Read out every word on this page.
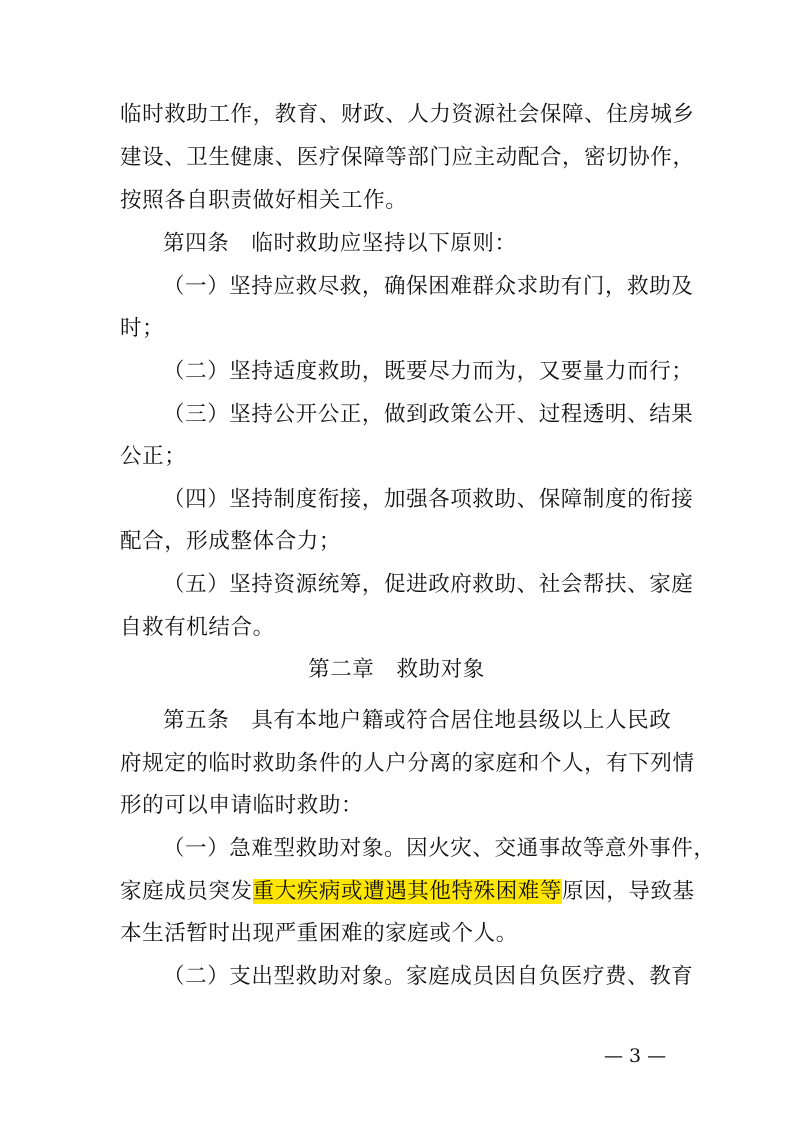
临时救助工作，教育、财政、人力资源社会保障、住房城乡
建设、卫生健康、医疗保障等部门应主动配合，密切协作，
按照各自职责做好相关工作。
第四条　临时救助应坚持以下原则：
（一）坚持应救尽救，确保困难群众求助有门，救助及
时；
（二）坚持适度救助，既要尽力而为，又要量力而行；
（三）坚持公开公正，做到政策公开、过程透明、结果
公正；
（四）坚持制度衔接，加强各项救助、保障制度的衔接
配合，形成整体合力；
（五）坚持资源统筹，促进政府救助、社会帮扶、家庭
自救有机结合。
第二章　救助对象
第五条　具有本地户籍或符合居住地县级以上人民政
府规定的临时救助条件的人户分离的家庭和个人，有下列情
形的可以申请临时救助：
（一）急难型救助对象。因火灾、交通事故等意外事件，
家庭成员突发重大疾病或遭遇其他特殊困难等原因，导致基
本生活暂时出现严重困难的家庭或个人。
（二）支出型救助对象。家庭成员因自负医疗费、教育
— 3 —
